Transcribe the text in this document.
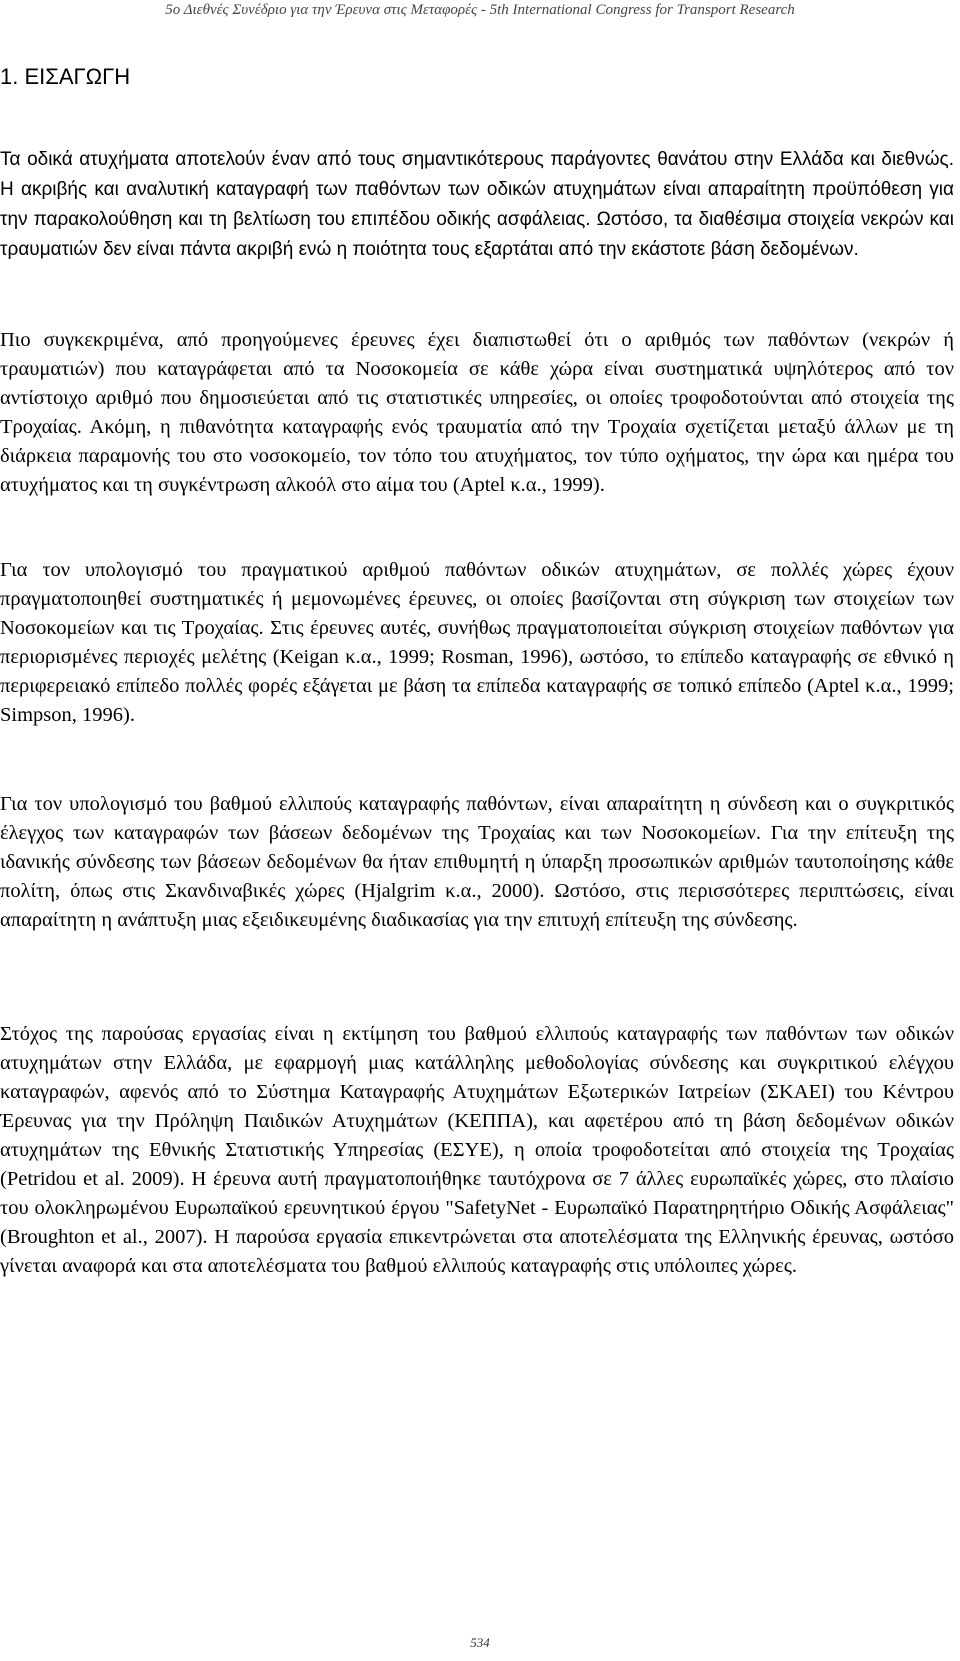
5ο Διεθνές Συνέδριο για την Έρευνα στις Μεταφορές - 5th International Congress for Transport Research
1. ΕΙΣΑΓΩΓΗ

Τα οδικά ατυχήματα αποτελούν έναν από τους σημαντικότερους παράγοντες θανάτου στην Ελλάδα και διεθνώς. Η ακριβής και αναλυτική καταγραφή των παθόντων των οδικών ατυχημάτων είναι απαραίτητη προϋπόθεση για την παρακολούθηση και τη βελτίωση του επιπέδου οδικής ασφάλειας. Ωστόσο, τα διαθέσιμα στοιχεία νεκρών και τραυματιών δεν είναι πάντα ακριβή ενώ η ποιότητα τους εξαρτάται από την εκάστοτε βάση δεδομένων.

Πιο συγκεκριμένα, από προηγούμενες έρευνες έχει διαπιστωθεί ότι ο αριθμός των παθόντων (νεκρών ή τραυματιών) που καταγράφεται από τα Νοσοκομεία σε κάθε χώρα είναι συστηματικά υψηλότερος από τον αντίστοιχο αριθμό που δημοσιεύεται από τις στατιστικές υπηρεσίες, οι οποίες τροφοδοτούνται από στοιχεία της Τροχαίας. Ακόμη, η πιθανότητα καταγραφής ενός τραυματία από την Τροχαία σχετίζεται μεταξύ άλλων με τη διάρκεια παραμονής του στο νοσοκομείο, τον τόπο του ατυχήματος, τον τύπο οχήματος, την ώρα και ημέρα του ατυχήματος και τη συγκέντρωση αλκοόλ στο αίμα του (Aptel κ.α., 1999).

Για τον υπολογισμό του πραγματικού αριθμού παθόντων οδικών ατυχημάτων, σε πολλές χώρες έχουν πραγματοποιηθεί συστηματικές ή μεμονωμένες έρευνες, οι οποίες βασίζονται στη σύγκριση των στοιχείων των Νοσοκομείων και τις Τροχαίας. Στις έρευνες αυτές, συνήθως πραγματοποιείται σύγκριση στοιχείων παθόντων για περιορισμένες περιοχές μελέτης (Keigan κ.α., 1999; Rosman, 1996), ωστόσο, το επίπεδο καταγραφής σε εθνικό η περιφερειακό επίπεδο πολλές φορές εξάγεται με βάση τα επίπεδα καταγραφής σε τοπικό επίπεδο (Aptel κ.α., 1999; Simpson, 1996).

Για τον υπολογισμό του βαθμού ελλιπούς καταγραφής παθόντων, είναι απαραίτητη η σύνδεση και ο συγκριτικός έλεγχος των καταγραφών των βάσεων δεδομένων της Τροχαίας και των Νοσοκομείων. Για την επίτευξη της ιδανικής σύνδεσης των βάσεων δεδομένων θα ήταν επιθυμητή η ύπαρξη προσωπικών αριθμών ταυτοποίησης κάθε πολίτη, όπως στις Σκανδιναβικές χώρες (Hjalgrim κ.α., 2000). Ωστόσο, στις περισσότερες περιπτώσεις, είναι απαραίτητη η ανάπτυξη μιας εξειδικευμένης διαδικασίας για την επιτυχή επίτευξη της σύνδεσης.

Στόχος της παρούσας εργασίας είναι η εκτίμηση του βαθμού ελλιπούς καταγραφής των παθόντων των οδικών ατυχημάτων στην Ελλάδα, με εφαρμογή μιας κατάλληλης μεθοδολογίας σύνδεσης και συγκριτικού ελέγχου καταγραφών, αφενός από το Σύστημα Καταγραφής Ατυχημάτων Εξωτερικών Ιατρείων (ΣΚΑΕΙ) του Κέντρου Έρευνας για την Πρόληψη Παιδικών Ατυχημάτων (ΚΕΠΠΑ), και αφετέρου από τη βάση δεδομένων οδικών ατυχημάτων της Εθνικής Στατιστικής Υπηρεσίας (ΕΣΥΕ), η οποία τροφοδοτείται από στοιχεία της Τροχαίας (Petridou et al. 2009). Η έρευνα αυτή πραγματοποιήθηκε ταυτόχρονα σε 7 άλλες ευρωπαϊκές χώρες, στο πλαίσιο του ολοκληρωμένου Ευρωπαϊκού ερευνητικού έργου "SafetyNet - Ευρωπαϊκό Παρατηρητήριο Οδικής Ασφάλειας" (Broughton et al., 2007). Η παρούσα εργασία επικεντρώνεται στα αποτελέσματα της Ελληνικής έρευνας, ωστόσο γίνεται αναφορά και στα αποτελέσματα του βαθμού ελλιπούς καταγραφής στις υπόλοιπες χώρες.

534
